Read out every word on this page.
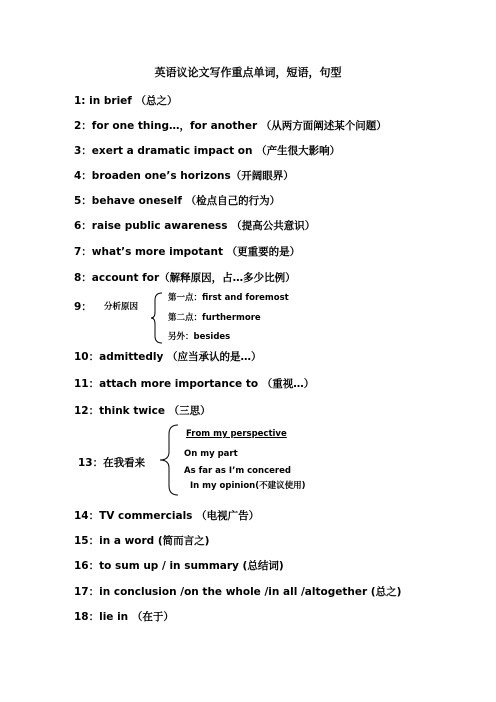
英语议论文写作重点单词，短语，句型
1: in brief （总之）
2：for one thing…，for another （从两方面阐述某个问题）
3：exert a dramatic impact on （产生很大影响）
4：broaden one’s horizons（开阔眼界）
5：behave oneself （检点自己的行为）
6：raise public awareness （提高公共意识）
7：what’s more impotant （更重要的是）
8：account for（解释原因，占…多少比例）
9： 分析原因
第一点：first and foremost
第二点：furthermore
另外：besides
10：admittedly （应当承认的是…）
11：attach more importance to （重视…）
12：think twice （三思）
13：在我看来
From my perspective
On my part
As far as I’m concered
In my opinion(不建议使用)
14：TV commercials （电视广告）
15：in a word (简而言之)
16：to sum up / in summary (总结词)
17：in conclusion /on the whole /in all /altogether (总之)
18：lie in （在于）
